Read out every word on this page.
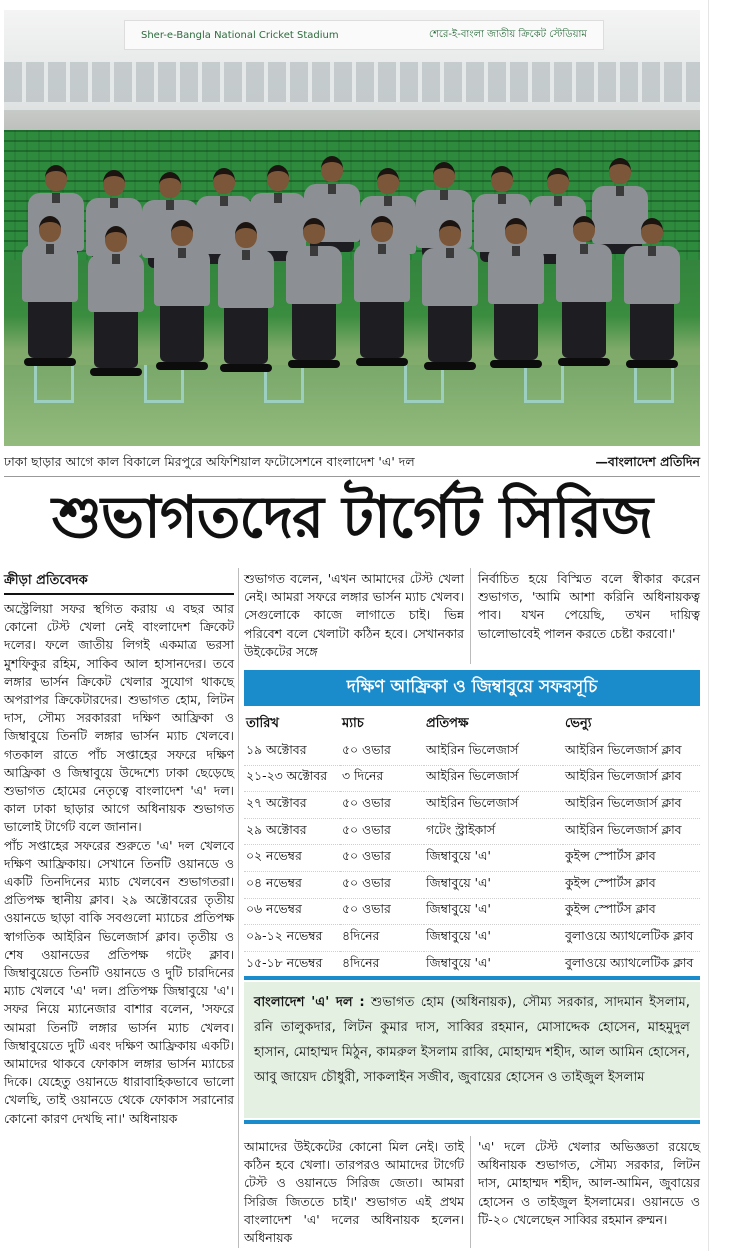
Sher-e-Bangla National Cricket Stadium	শেরে-ই-বাংলা জাতীয় ক্রিকেট স্টেডিয়াম
ঢাকা ছাড়ার আগে কাল বিকালে মিরপুরে অফিশিয়াল ফটোসেশনে বাংলাদেশ 'এ' দল	—বাংলাদেশ প্রতিদিন
শুভাগতদের টার্গেট সিরিজ
ক্রীড়া প্রতিবেদক

অস্ট্রেলিয়া সফর স্থগিত করায় এ বছর আর কোনো টেস্ট খেলা নেই বাংলাদেশ ক্রিকেট দলের। ফলে জাতীয় লিগই একমাত্র ভরসা মুশফিকুর রহিম, সাকিব আল হাসানদের। তবে লঙ্গার ভার্সন ক্রিকেট খেলার সুযোগ থাকছে অপরাপর ক্রিকেটারদের। শুভাগত হোম, লিটন দাস, সৌম্য সরকাররা দক্ষিণ আফ্রিকা ও জিম্বাবুয়ে তিনটি লঙ্গার ভার্সন ম্যাচ খেলবে। গতকাল রাতে পাঁচ সপ্তাহের সফরে দক্ষিণ আফ্রিকা ও জিম্বাবুয়ে উদ্দেশ্যে ঢাকা ছেড়েছে শুভাগত হোমের নেতৃত্বে বাংলাদেশ 'এ' দল। কাল ঢাকা ছাড়ার আগে অধিনায়ক শুভাগত ভালোই টার্গেট বলে জানান।

পাঁচ সপ্তাহের সফরের শুরুতে 'এ' দল খেলবে দক্ষিণ আফ্রিকায়। সেখানে তিনটি ওয়ানডে ও একটি তিনদিনের ম্যাচ খেলবেন শুভাগতরা। প্রতিপক্ষ স্থানীয় ক্লাব। ২৯ অক্টোবরের তৃতীয় ওয়ানডে ছাড়া বাকি সবগুলো ম্যাচের প্রতিপক্ষ স্বাগতিক আইরিন ভিলেজার্স ক্লাব। তৃতীয় ও শেষ ওয়ানডের প্রতিপক্ষ গটেং ক্লাব। জিম্বাবুয়েতে তিনটি ওয়ানডে ও দুটি চারদিনের ম্যাচ খেলবে 'এ' দল। প্রতিপক্ষ জিম্বাবুয়ে 'এ'। সফর নিয়ে ম্যানেজার বাশার বলেন, 'সফরে আমরা তিনটি লঙ্গার ভার্সন ম্যাচ খেলব। জিম্বাবুয়েতে দুটি এবং দক্ষিণ আফ্রিকায় একটি। আমাদের থাকবে ফোকাস লঙ্গার ভার্সন ম্যাচের দিকে। যেহেতু ওয়ানডে ধারাবাহিকভাবে ভালো খেলছি, তাই ওয়ানডে থেকে ফোকাস সরানোর কোনো কারণ দেখছি না।' অধিনায়ক

শুভাগত বলেন, 'এখন আমাদের টেস্ট খেলা নেই। আমরা সফরে লঙ্গার ভার্সন ম্যাচ খেলব। সেগুলোকে কাজে লাগাতে চাই। ভিন্ন পরিবেশ বলে খেলাটা কঠিন হবে। সেখানকার উইকেটের সঙ্গে

নির্বাচিত হয়ে বিস্মিত বলে স্বীকার করেন শুভাগত, 'আমি আশা করিনি অধিনায়কত্ব পাব। যখন পেয়েছি, তখন দায়িত্ব ভালোভাবেই পালন করতে চেষ্টা করবো।'

দক্ষিণ আফ্রিকা ও জিম্বাবুয়ে সফরসূচি
তারিখ	ম্যাচ	প্রতিপক্ষ	ভেন্যু
১৯ অক্টোবর	৫০ ওভার	আইরিন ভিলেজার্স	আইরিন ভিলেজার্স ক্লাব
২১-২৩ অক্টোবর	৩ দিনের	আইরিন ভিলেজার্স	আইরিন ভিলেজার্স ক্লাব
২৭ অক্টোবর	৫০ ওভার	আইরিন ভিলেজার্স	আইরিন ভিলেজার্স ক্লাব
২৯ অক্টোবর	৫০ ওভার	গটেং স্ট্রাইকার্স	আইরিন ভিলেজার্স ক্লাব
০২ নভেম্বর	৫০ ওভার	জিম্বাবুয়ে 'এ'	কুইন্স স্পোর্টস ক্লাব
০৪ নভেম্বর	৫০ ওভার	জিম্বাবুয়ে 'এ'	কুইন্স স্পোর্টস ক্লাব
০৬ নভেম্বর	৫০ ওভার	জিম্বাবুয়ে 'এ'	কুইন্স স্পোর্টস ক্লাব
০৯-১২ নভেম্বর	৪দিনের	জিম্বাবুয়ে 'এ'	বুলাওয়ে অ্যাথলেটিক ক্লাব
১৫-১৮ নভেম্বর	৪দিনের	জিম্বাবুয়ে 'এ'	বুলাওয়ে অ্যাথলেটিক ক্লাব
বাংলাদেশ 'এ' দল : শুভাগত হোম (অধিনায়ক), সৌম্য সরকার, সাদমান ইসলাম, রনি তালুকদার, লিটন কুমার দাস, সাব্বির রহমান, মোসাদ্দেক হোসেন, মাহমুদুল হাসান, মোহাম্মদ মিঠুন, কামরুল ইসলাম রাব্বি, মোহাম্মদ শহীদ, আল আমিন হোসেন, আবু জায়েদ চৌধুরী, সাকলাইন সজীব, জুবায়ের হোসেন ও তাইজুল ইসলাম

আমাদের উইকেটের কোনো মিল নেই। তাই কঠিন হবে খেলা। তারপরও আমাদের টার্গেট টেস্ট ও ওয়ানডে সিরিজ জেতা। আমরা সিরিজ জিততে চাই।' শুভাগত এই প্রথম বাংলাদেশ 'এ' দলের অধিনায়ক হলেন। অধিনায়ক

'এ' দলে টেস্ট খেলার অভিজ্ঞতা রয়েছে অধিনায়ক শুভাগত, সৌম্য সরকার, লিটন দাস, মোহাম্মদ শহীদ, আল-আমিন, জুবায়ের হোসেন ও তাইজুল ইসলামের। ওয়ানডে ও টি-২০ খেলেছেন সাব্বির রহমান রুম্মন।
